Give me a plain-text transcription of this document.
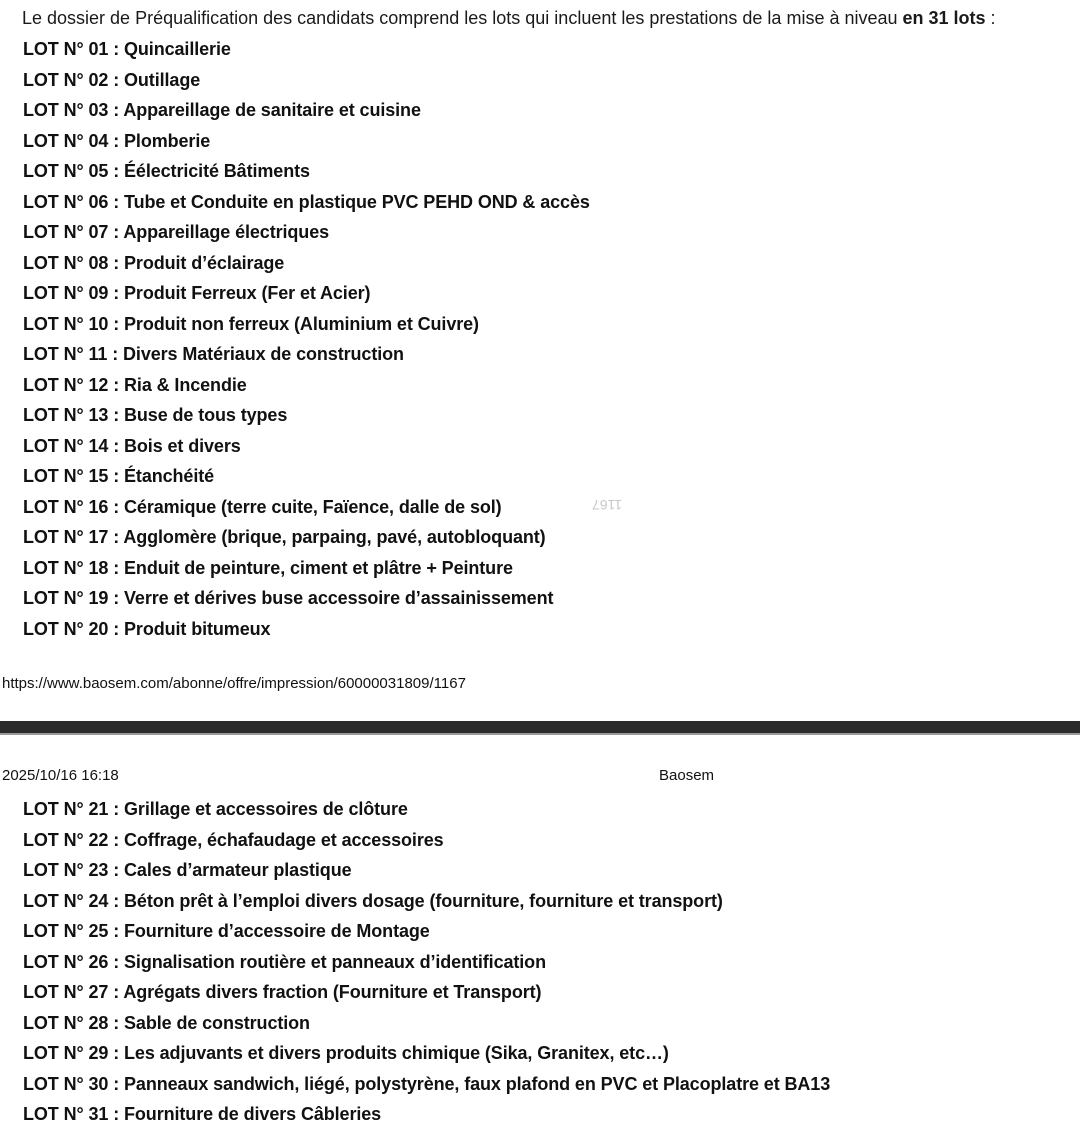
Le dossier de Préqualification des candidats comprend les lots qui incluent les prestations de la mise à niveau en 31 lots :
LOT N° 01 : Quincaillerie
LOT N° 02 : Outillage
LOT N° 03 : Appareillage de sanitaire et cuisine
LOT N° 04 : Plomberie
LOT N° 05 : Éélectricité Bâtiments
LOT N° 06 : Tube et Conduite en plastique PVC PEHD OND & accès
LOT N° 07 : Appareillage électriques
LOT N° 08 : Produit d’éclairage
LOT N° 09 : Produit Ferreux (Fer et Acier)
LOT N° 10 : Produit non ferreux (Aluminium et Cuivre)
LOT N° 11 : Divers Matériaux de construction
LOT N° 12 : Ria & Incendie
LOT N° 13 : Buse de tous types
LOT N° 14 : Bois et divers
LOT N° 15 : Étanchéité
LOT N° 16 : Céramique (terre cuite, Faïence, dalle de sol)
LOT N° 17 : Agglomère (brique, parpaing, pavé, autobloquant)
LOT N° 18 : Enduit de peinture, ciment et plâtre + Peinture
LOT N° 19 : Verre et dérives buse accessoire d’assainissement
LOT N° 20 : Produit bitumeux
1167
https://www.baosem.com/abonne/offre/impression/60000031809/1167
2025/10/16 16:18	Baosem
LOT N° 21 : Grillage et accessoires de clôture
LOT N° 22 : Coffrage, échafaudage et accessoires
LOT N° 23 : Cales d’armateur plastique
LOT N° 24 : Béton prêt à l’emploi divers dosage (fourniture, fourniture et transport)
LOT N° 25 : Fourniture d’accessoire de Montage
LOT N° 26 : Signalisation routière et panneaux d’identification
LOT N° 27 : Agrégats divers fraction (Fourniture et Transport)
LOT N° 28 : Sable de construction
LOT N° 29 : Les adjuvants et divers produits chimique (Sika, Granitex, etc…)
LOT N° 30 : Panneaux sandwich, liégé, polystyrène, faux plafond en PVC et Placoplatre et BA13
LOT N° 31 : Fourniture de divers Câbleries
